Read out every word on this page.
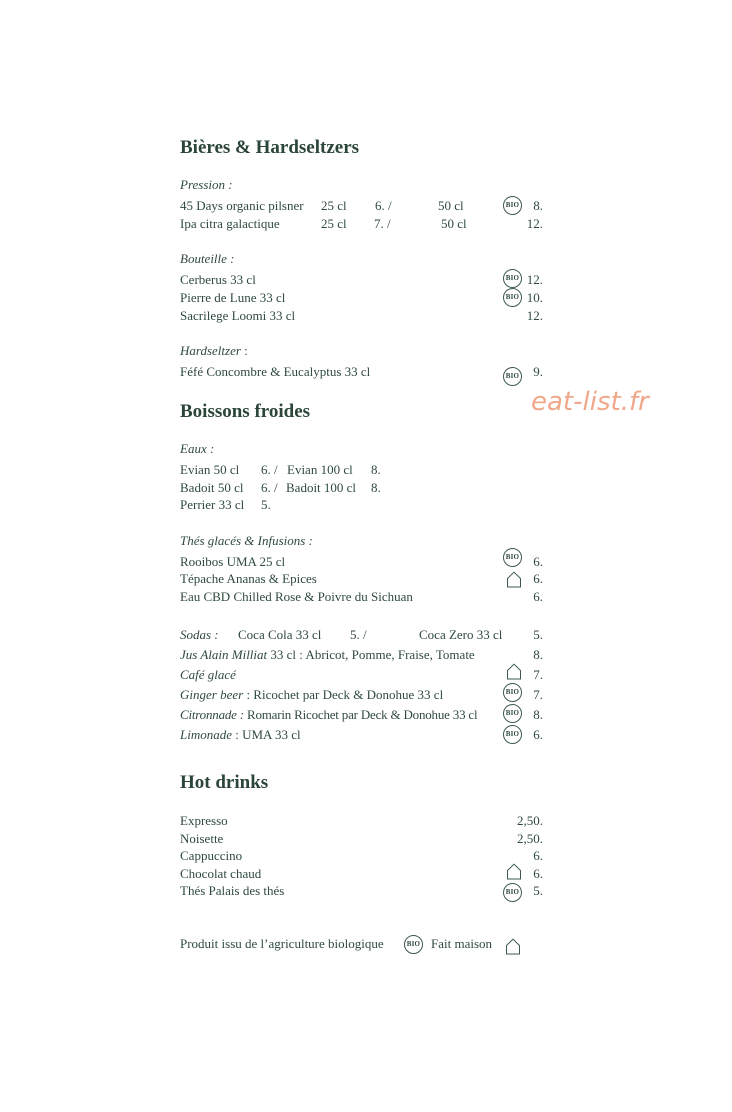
Bières & Hardseltzers
Pression :
45 Days organic pilsner 25 cl 6. /	50 cl	BIO	8.
Ipa citra galactique	25 cl 7. /	50 cl	12.
Bouteille :
Cerberus 33 cl	BIO 12.
Pierre de Lune 33 cl	BIO 10.
Sacrilege Loomi 33 cl	12.
Hardseltzer :
Féfé Concombre & Eucalyptus 33 cl	BIO	9.
Boissons froides	eat-list.fr
Eaux :
Evian 50 cl 6. / Evian 100 cl 8.
Badoit 50 cl 6. / Badoit 100 cl 8.
Perrier 33 cl 5.
Thés glacés & Infusions :
Rooibos UMA 25 cl	BIO	6.
Tépache Ananas & Epices	6.
Eau CBD Chilled Rose & Poivre du Sichuan	6.
Sodas : Coca Cola 33 cl 5. /	Coca Zero 33 cl	5.
Jus Alain Milliat 33 cl : Abricot, Pomme, Fraise, Tomate	8.
Café glacé	7.
Ginger beer : Ricochet par Deck & Donohue 33 cl	BIO	7.
Citronnade : Romarin Ricochet par Deck & Donohue 33 cl	BIO	8.
Limonade : UMA 33 cl	BIO	6.
Hot drinks
Expresso	2,50.
Noisette	2,50.
Cappuccino	6.
Chocolat chaud	6.
Thés Palais des thés	BIO	5.
Produit issu de l’agriculture biologique	BIO Fait maison
